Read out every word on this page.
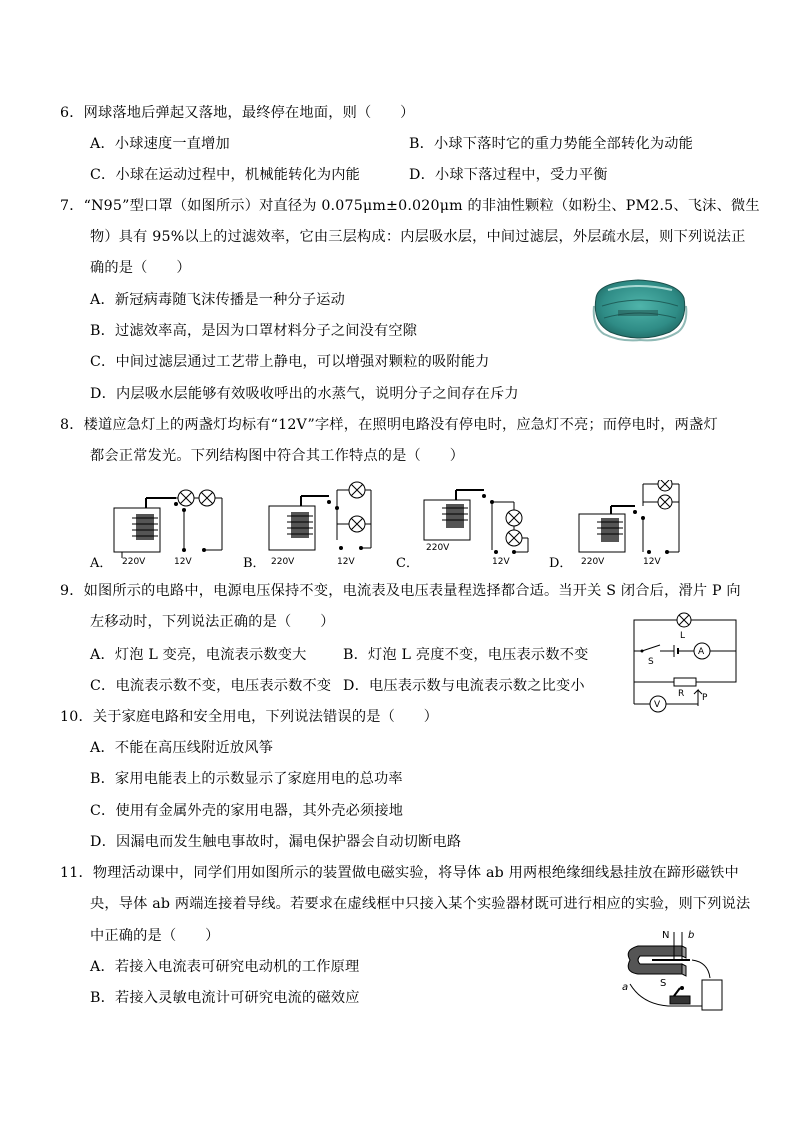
6．网球落地后弹起又落地，最终停在地面，则（　　）
A．小球速度一直增加	B．小球下落时它的重力势能全部转化为动能
C．小球在运动过程中，机械能转化为内能	D．小球下落过程中，受力平衡
7．“N95”型口罩（如图所示）对直径为 0.075μm±0.020μm 的非油性颗粒（如粉尘、PM2.5、飞沫、微生
物）具有 95%以上的过滤效率，它由三层构成：内层吸水层，中间过滤层，外层疏水层，则下列说法正
确的是（　　）
A．新冠病毒随飞沫传播是一种分子运动
B．过滤效率高，是因为口罩材料分子之间没有空隙
C．中间过滤层通过工艺带上静电，可以增强对颗粒的吸附能力
D．内层吸水层能够有效吸收呼出的水蒸气，说明分子之间存在斥力
8．楼道应急灯上的两盏灯均标有“12V”字样，在照明电路没有停电时，应急灯不亮；而停电时，两盏灯
都会正常发光。下列结构图中符合其工作特点的是（　　）
220V	12V	220V	12V
220V
12V	220V	12V
A．	B．	C．	D．
9．如图所示的电路中，电源电压保持不变，电流表及电压表量程选择都合适。当开关 S 闭合后，滑片 P 向
左移动时，下列说法正确的是（　　）
A．灯泡 L 变亮，电流表示数变大	B．灯泡 L 亮度不变，电压表示数不变
C．电流表示数不变，电压表示数不变 D．电压表示数与电流表示数之比变小
L
S
A
R P
V
10．关于家庭电路和安全用电，下列说法错误的是（　　）
A．不能在高压线附近放风筝
B．家用电能表上的示数显示了家庭用电的总功率
C．使用有金属外壳的家用电器，其外壳必须接地
D．因漏电而发生触电事故时，漏电保护器会自动切断电路
11．物理活动课中，同学们用如图所示的装置做电磁实验，将导体 ab 用两根绝缘细线悬挂放在蹄形磁铁中
央，导体 ab 两端连接着导线。若要求在虚线框中只接入某个实验器材既可进行相应的实验，则下列说法
中正确的是（　　）
A．若接入电流表可研究电动机的工作原理
B．若接入灵敏电流计可研究电流的磁效应
N b
S
a
